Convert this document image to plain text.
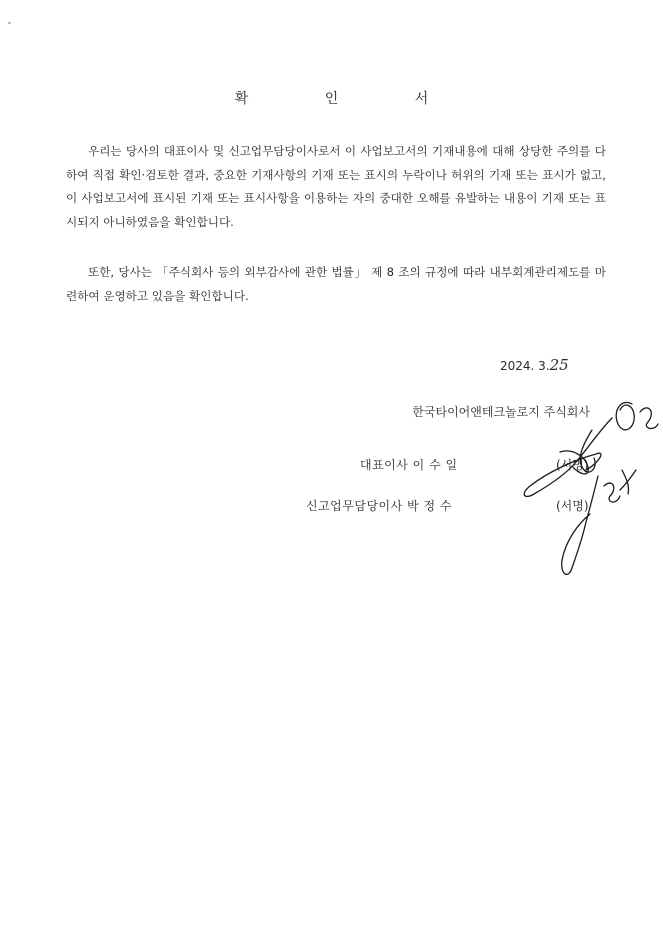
확 인 서
우리는 당사의 대표이사 및 신고업무담당이사로서 이 사업보고서의 기재내용에 대해 상당한 주의를 다하여 직접 확인·검토한 결과, 중요한 기재사항의 기재 또는 표시의 누락이나 허위의 기재 또는 표시가 없고, 이 사업보고서에 표시된 기재 또는 표시사항을 이용하는 자의 중대한 오해를 유발하는 내용이 기재 또는 표시되지 아니하였음을 확인합니다.
또한, 당사는 「주식회사 등의 외부감사에 관한 법률」 제 8 조의 규정에 따라 내부회계관리제도를 마련하여 운영하고 있음을 확인합니다.
2024. 3.25
한국타이어앤테크놀로지 주식회사
대표이사 이 수 일	(서명)
신고업무담당이사 박 정 수	(서명)
